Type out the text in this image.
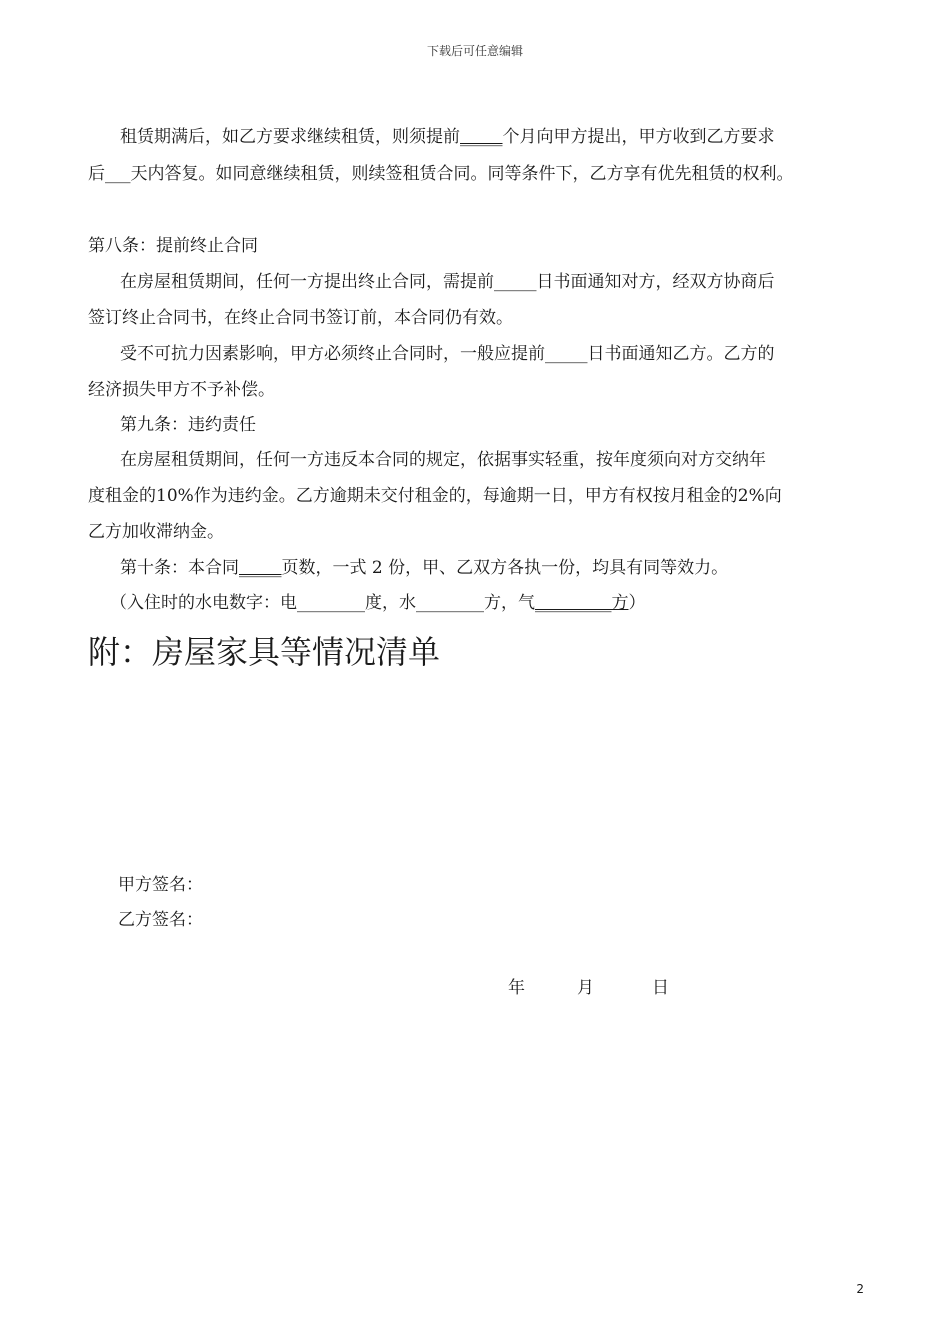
下载后可任意编辑
租赁期满后，如乙方要求继续租赁，则须提前_____个月向甲方提出，甲方收到乙方要求
后___天内答复。如同意继续租赁，则续签租赁合同。同等条件下，乙方享有优先租赁的权利。
第八条：提前终止合同
在房屋租赁期间，任何一方提出终止合同，需提前_____日书面通知对方，经双方协商后
签订终止合同书，在终止合同书签订前，本合同仍有效。
受不可抗力因素影响，甲方必须终止合同时，一般应提前_____日书面通知乙方。乙方的
经济损失甲方不予补偿。
第九条：违约责任
在房屋租赁期间，任何一方违反本合同的规定，依据事实轻重，按年度须向对方交纳年
度租金的10%作为违约金。乙方逾期未交付租金的，每逾期一日，甲方有权按月租金的2%向
乙方加收滞纳金。
第十条：本合同_____页数，一式 2 份，甲、乙双方各执一份，均具有同等效力。
（入住时的水电数字：电________度，水________方，气_________方）
附：房屋家具等情况清单
甲方签名：
乙方签名：
年	月	日
2
